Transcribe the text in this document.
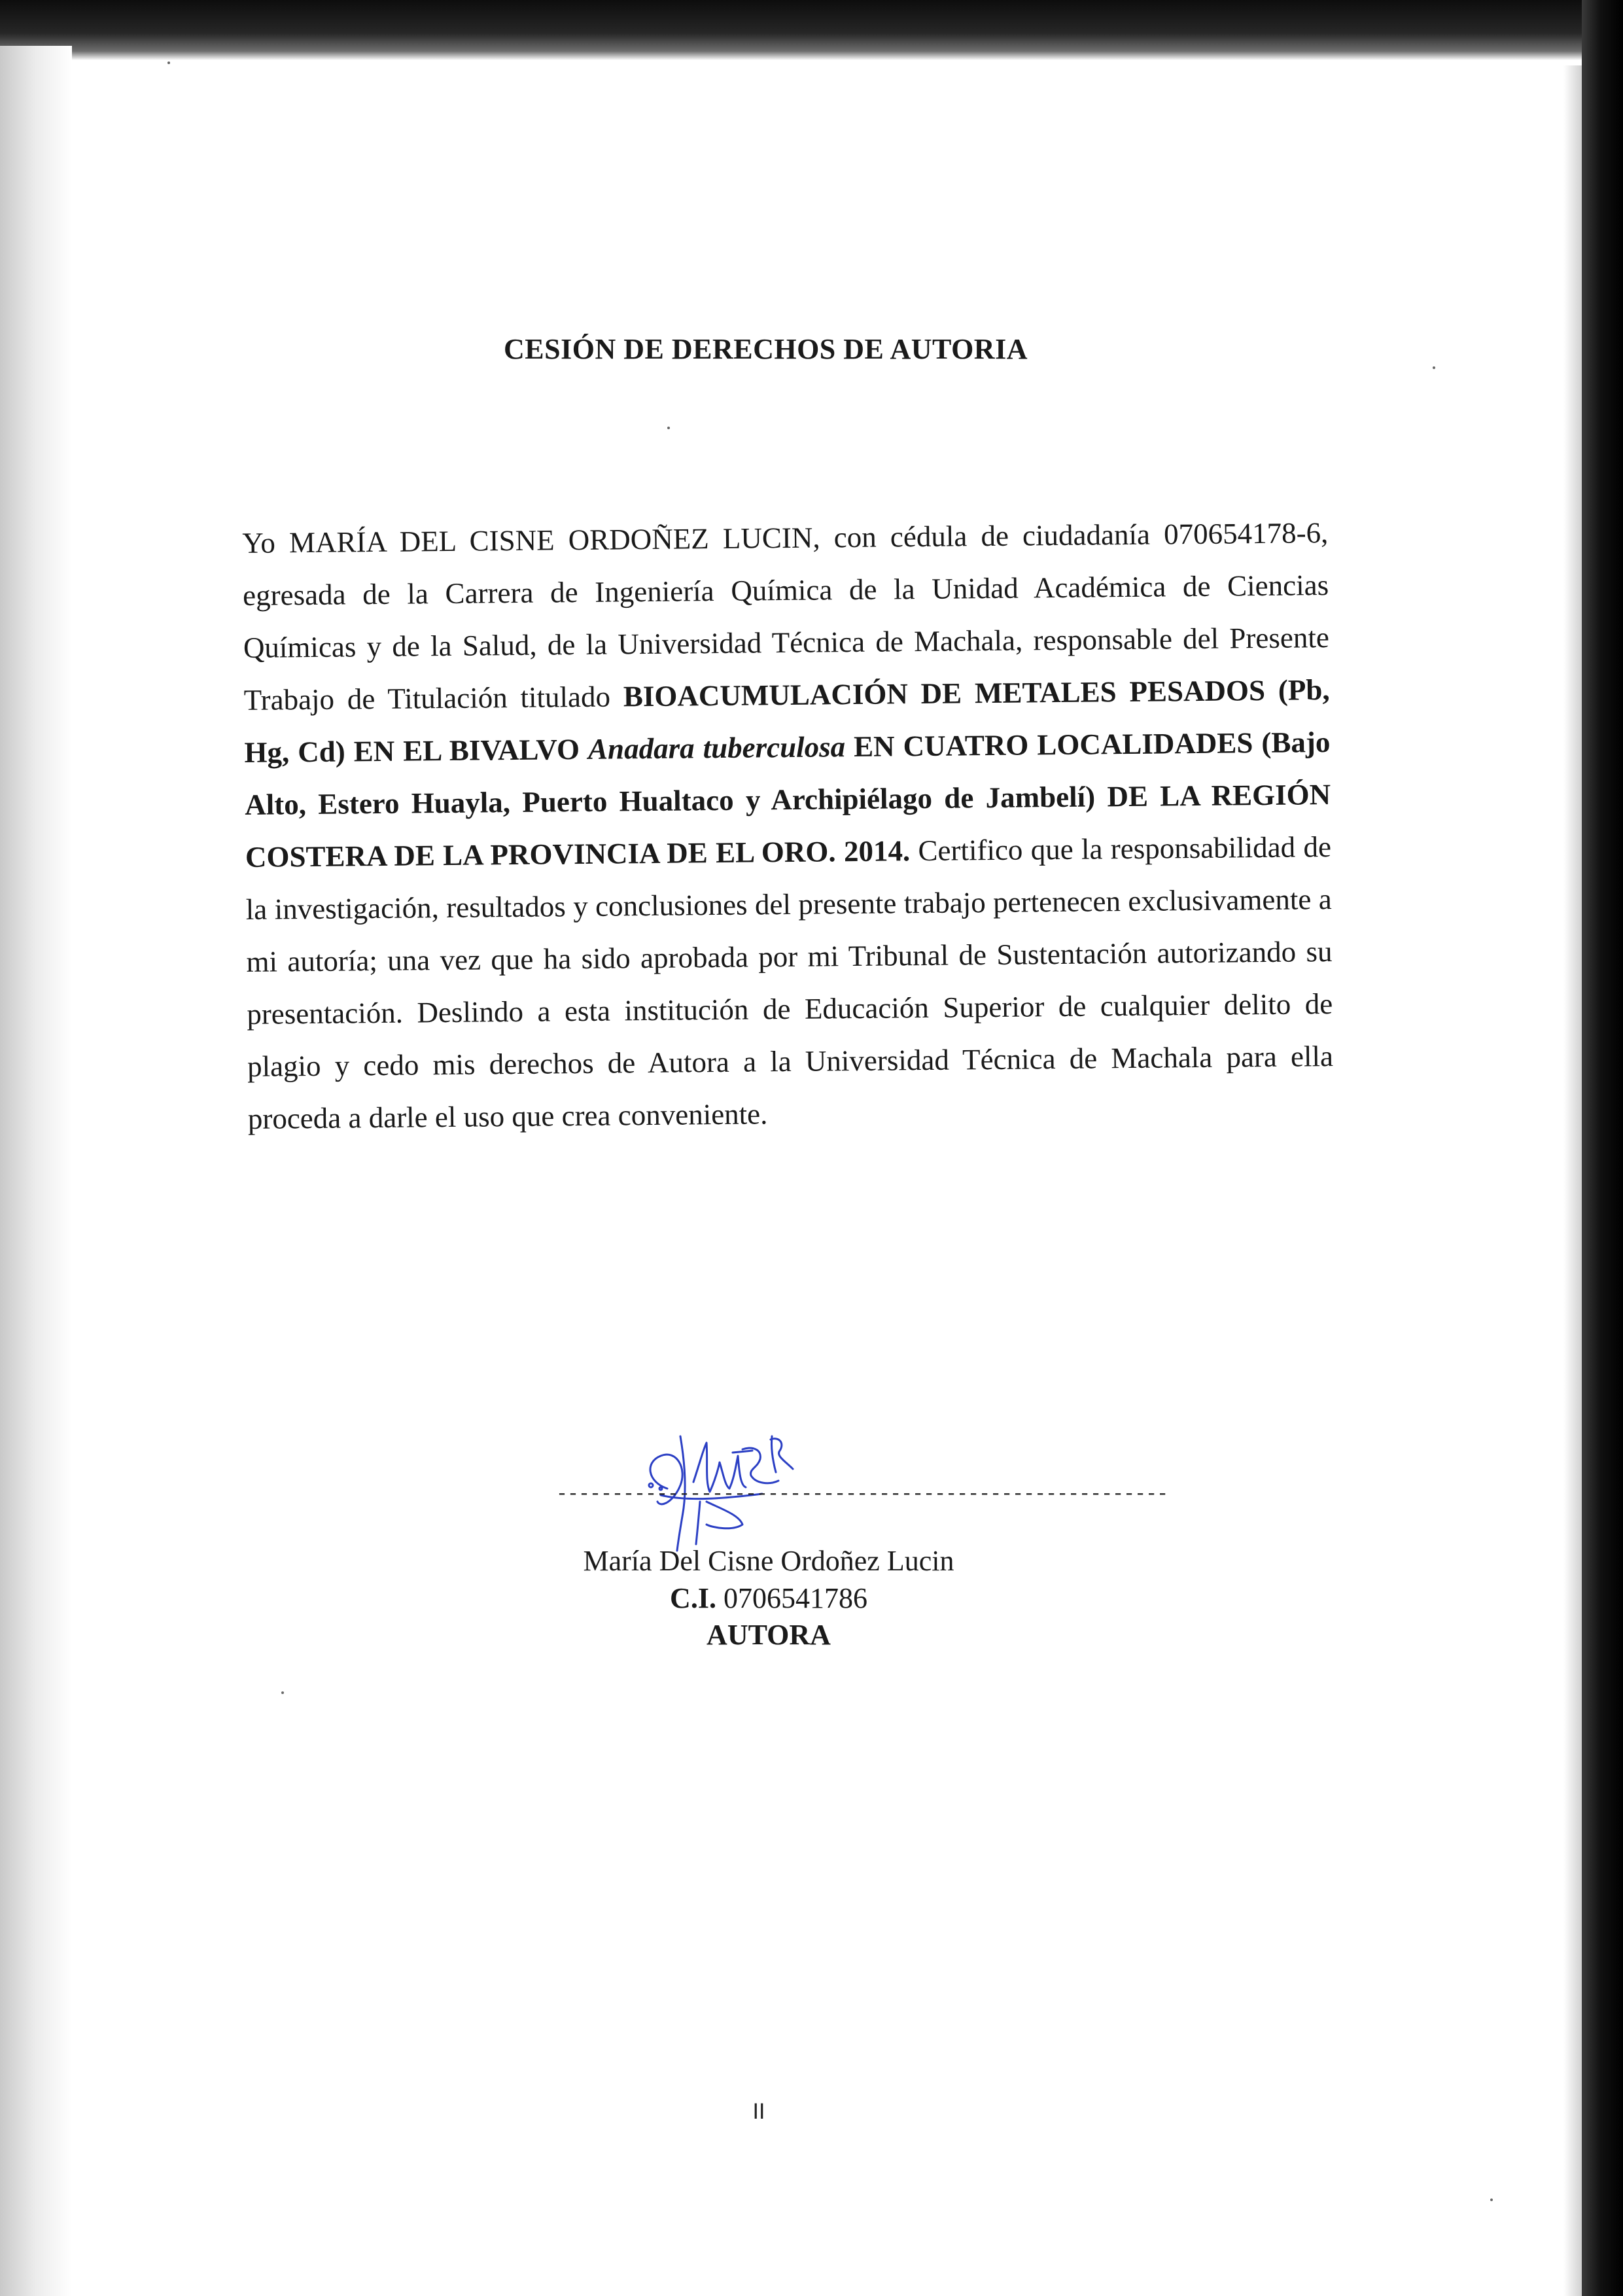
CESIÓN DE DERECHOS DE AUTORIA
Yo MARÍA DEL CISNE ORDOÑEZ LUCIN, con cédula de ciudadanía 070654178-6, egresada de la Carrera de Ingeniería Química de la Unidad Académica de Ciencias Químicas y de la Salud, de la Universidad Técnica de Machala, responsable del Presente Trabajo de Titulación titulado BIOACUMULACIÓN DE METALES PESADOS (Pb, Hg, Cd) EN EL BIVALVO Anadara tuberculosa EN CUATRO LOCALIDADES (Bajo Alto, Estero Huayla, Puerto Hualtaco y Archipiélago de Jambelí) DE LA REGIÓN COSTERA DE LA PROVINCIA DE EL ORO. 2014. Certifico que la responsabilidad de la investigación, resultados y conclusiones del presente trabajo pertenecen exclusivamente a mi autoría; una vez que ha sido aprobada por mi Tribunal de Sustentación autorizando su presentación. Deslindo a esta institución de Educación Superior de cualquier delito de plagio y cedo mis derechos de Autora a la Universidad Técnica de Machala para ella proceda a darle el uso que crea conveniente.
-------------------------------------------------------
María Del Cisne Ordoñez Lucin
C.I. 0706541786
AUTORA
II
